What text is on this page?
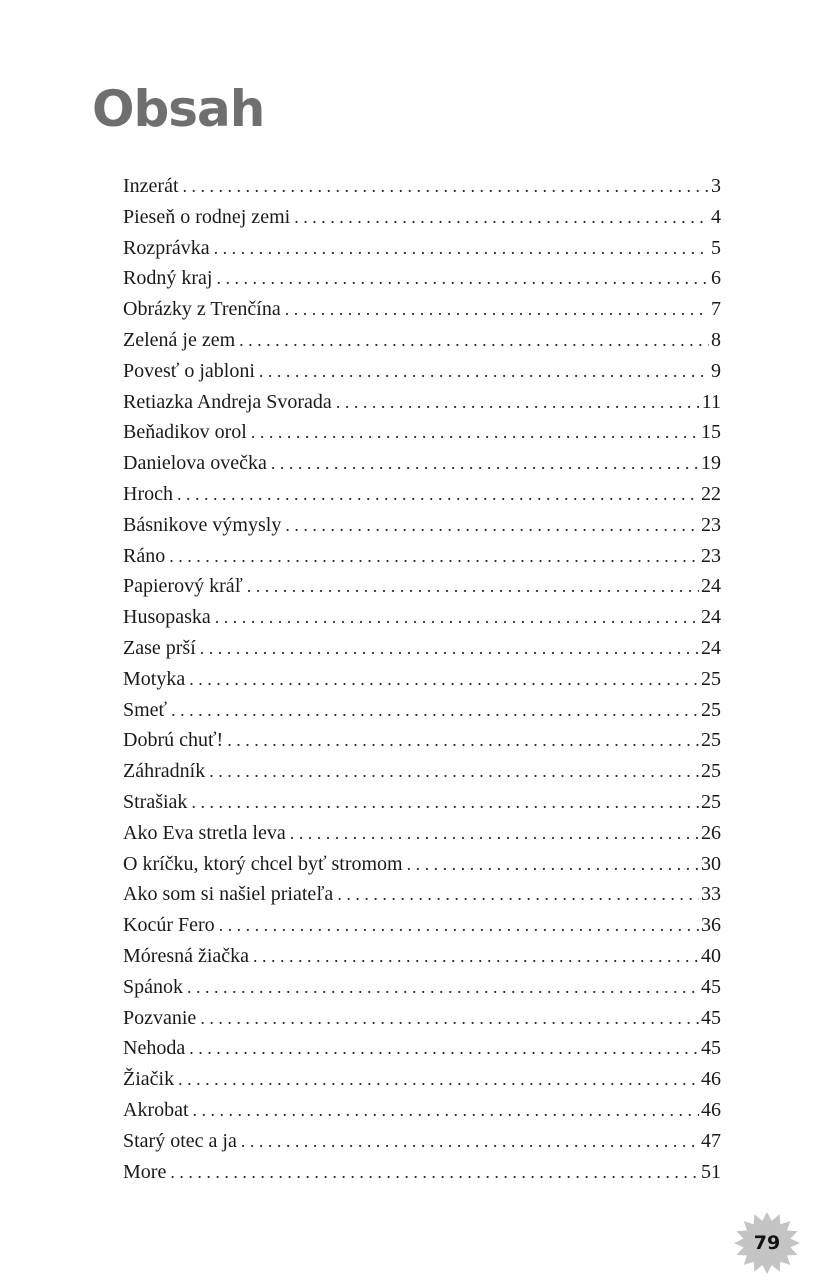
Obsah
Inzerát . . .	3
Pieseň o rodnej zemi . . .	4
Rozprávka . . .	5
Rodný kraj . . .	6
Obrázky z Trenčína . . .	7
Zelená je zem . . .	8
Povesť o jabloni . . .	9
Retiazka Andreja Svorada . . .	11
Beňadikov orol . . .	15
Danielova ovečka . . .	19
Hroch . . .	22
Básnikove výmysly . . .	23
Ráno . . .	23
Papierový kráľ . . .	24
Husopaska . . .	24
Zase prší . . .	24
Motyka . . .	25
Smeť . . .	25
Dobrú chuť! . . .	25
Záhradník . . .	25
Strašiak . . .	25
Ako Eva stretla leva . . .	26
O kríčku, ktorý chcel byť stromom . . .	30
Ako som si našiel priateľa . . .	33
Kocúr Fero . . .	36
Móresná žiačka . . .	40
Spánok . . .	45
Pozvanie . . .	45
Nehoda . . .	45
Žiačik . . .	46
Akrobat . . .	46
Starý otec a ja . . .	47
More . . .	51
79
